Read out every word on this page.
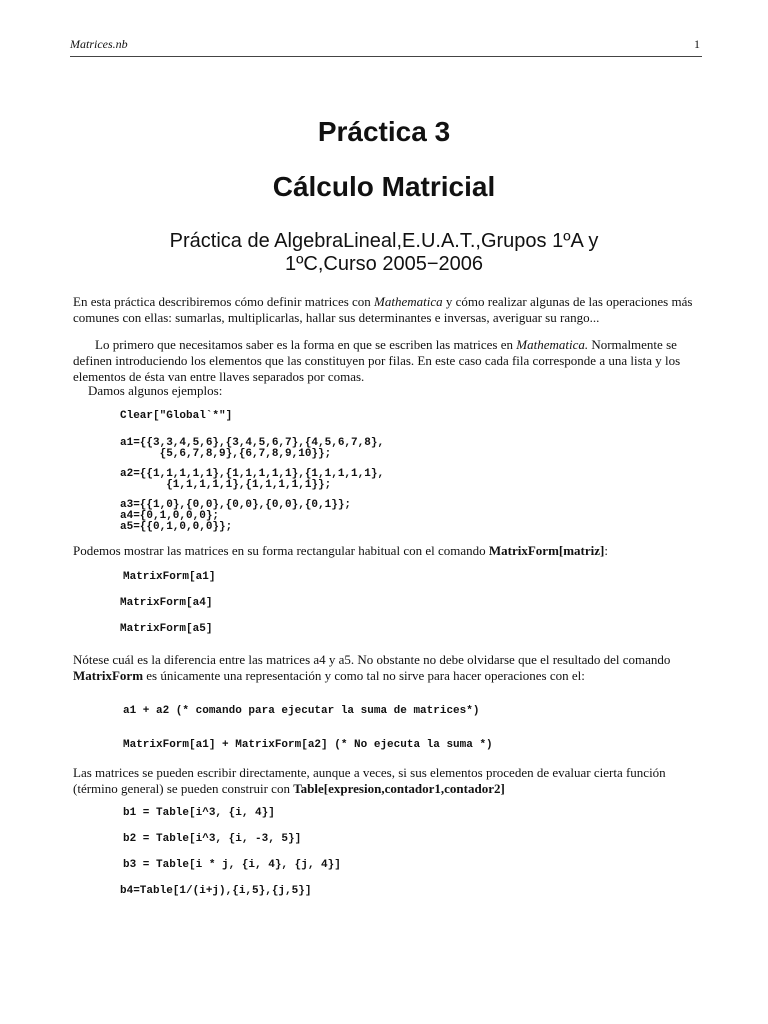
Matrices.nb	1
Práctica 3
Cálculo Matricial
Práctica de AlgebraLineal,E.U.A.T.,Grupos 1ºA y
1ºC,Curso 2005−2006
En esta práctica describiremos cómo definir matrices con Mathematica y cómo realizar algunas de las operaciones más comunes con ellas: sumarlas, multiplicarlas, hallar sus determinantes e inversas, averiguar su rango...
Lo primero que necesitamos saber es la forma en que se escriben las matrices en Mathematica. Normalmente se definen introduciendo los elementos que las constituyen por filas. En este caso cada fila corresponde a una lista y los elementos de ésta van entre llaves separados por comas.
Damos algunos ejemplos:
Clear["Global`*"]
a1={{3,3,4,5,6},{3,4,5,6,7},{4,5,6,7,8},
{5,6,7,8,9},{6,7,8,9,10}};
a2={{1,1,1,1,1},{1,1,1,1,1},{1,1,1,1,1},
{1,1,1,1,1},{1,1,1,1,1}};
a3={{1,0},{0,0},{0,0},{0,0},{0,1}};
a4={0,1,0,0,0};
a5={{0,1,0,0,0}};
Podemos mostrar las matrices en su forma rectangular habitual con el comando MatrixForm[matriz]:
MatrixForm[a1]
MatrixForm[a4]
MatrixForm[a5]
Nótese cuál es la diferencia entre las matrices a4 y a5. No obstante no debe olvidarse que el resultado del comando MatrixForm es únicamente una representación y como tal no sirve para hacer operaciones con el:
a1 + a2 (* comando para ejecutar la suma de matrices*)
MatrixForm[a1] + MatrixForm[a2] (* No ejecuta la suma *)
Las matrices se pueden escribir directamente, aunque a veces, si sus elementos proceden de evaluar cierta función (término general) se pueden construir con Table[expresion,contador1,contador2]
b1 = Table[i^3, {i, 4}]
b2 = Table[i^3, {i, -3, 5}]
b3 = Table[i * j, {i, 4}, {j, 4}]
b4=Table[1/(i+j),{i,5},{j,5}]
